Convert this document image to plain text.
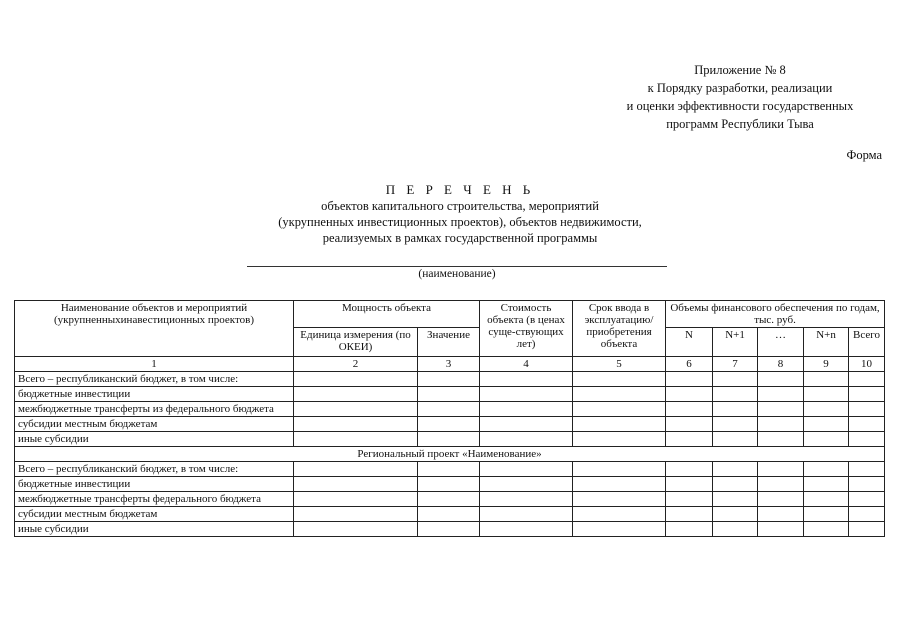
Приложение № 8
к Порядку разработки, реализации
и оценки эффективности государственных
программ Республики Тыва
Форма
П Е Р Е Ч Е Н Ь
объектов капитального строительства, мероприятий
(укрупненных инвестиционных проектов), объектов недвижимости,
реализуемых в рамках государственной программы
(наименование)
Наименование объектов и мероприятий (укрупненныхинавестиционных проектов)	Мощность объекта		Стоимость объекта (в ценах суще-ствующих лет)	Срок ввода в эксплуатацию/ приобретения объекта	Объемы финансового обеспечения по годам, тыс. руб.				
	Единица измерения (по ОКЕИ)	Значение			N	N+1	…	N+n	Всего
1	2	3	4	5	6	7	8	9	10
Всего – республиканский бюджет, в том числе:									
бюджетные инвестиции									
межбюджетные трансферты из федерального бюджета									
субсидии местным бюджетам									
иные субсидии									
Региональный проект «Наименование»									
Всего – республиканский бюджет, в том числе:									
бюджетные инвестиции									
межбюджетные трансферты федерального бюджета									
субсидии местным бюджетам									
иные субсидии									
